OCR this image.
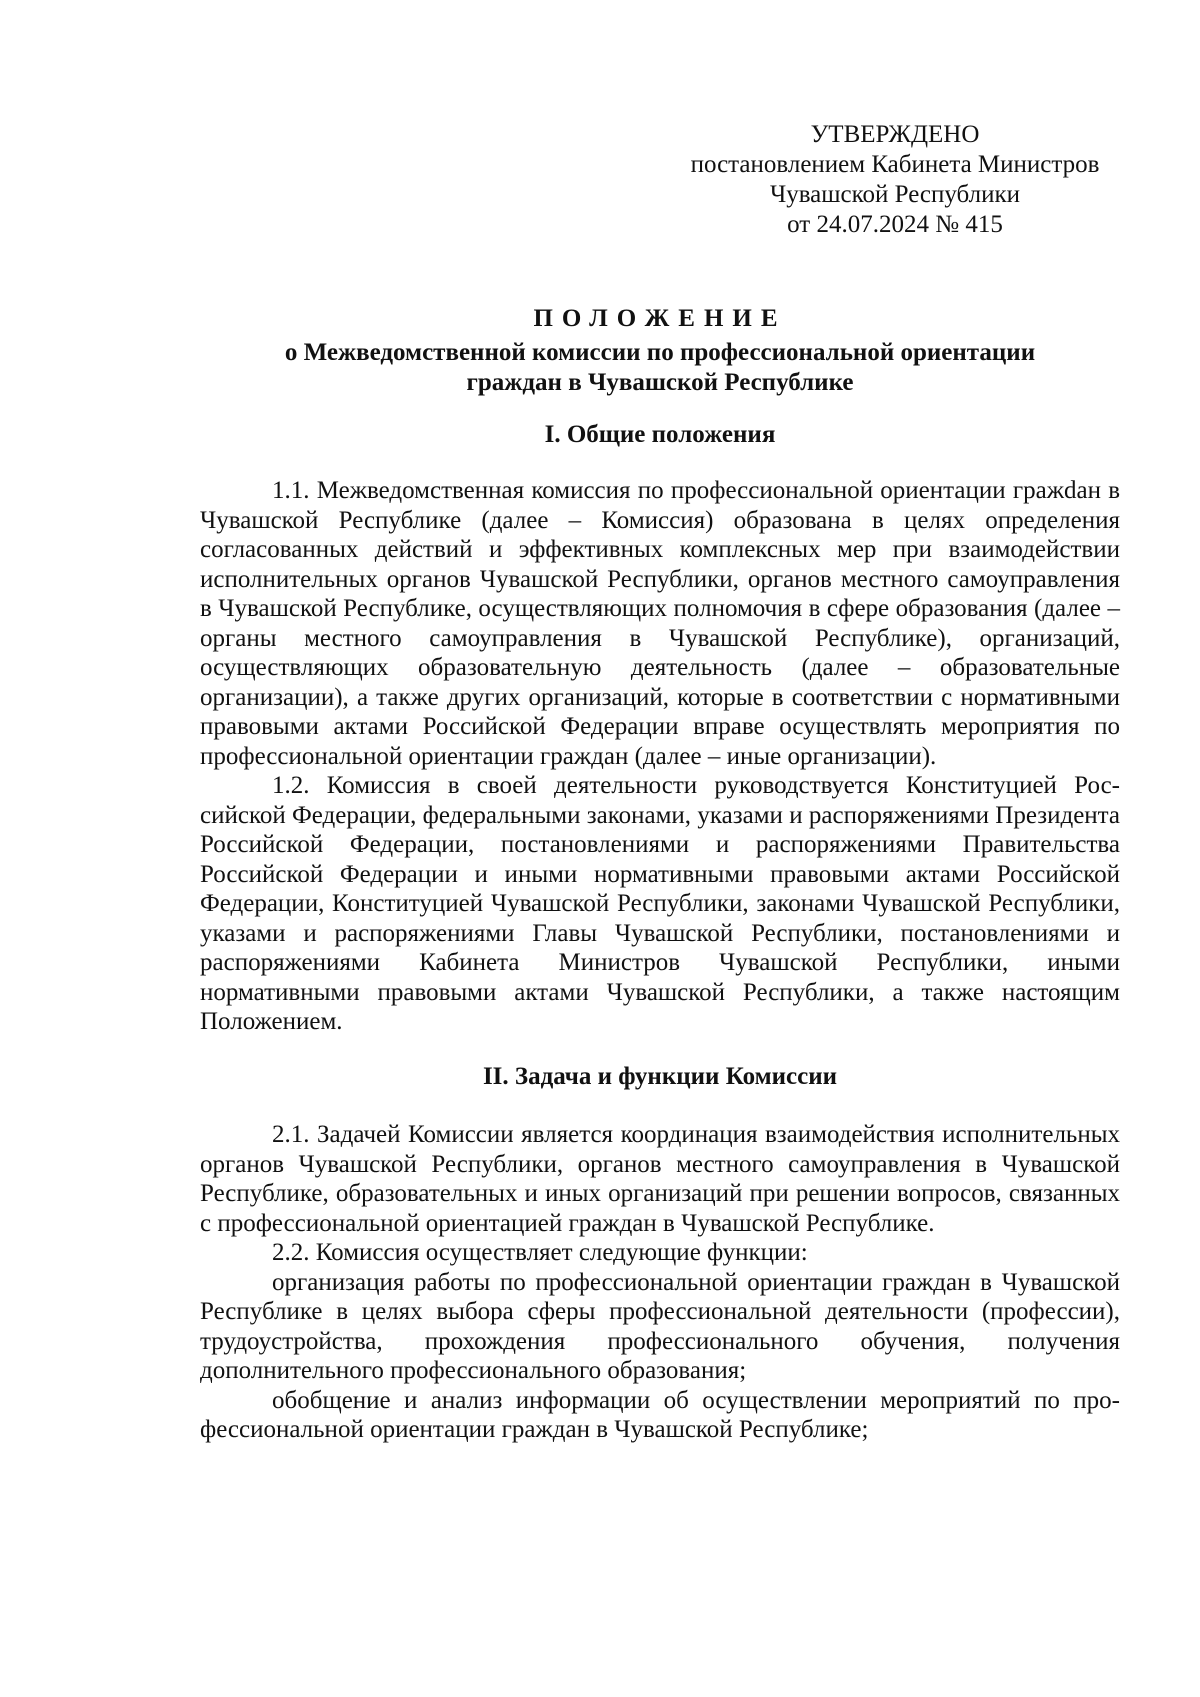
УТВЕРЖДЕНО
постановлением Кабинета Министров
Чувашской Республики
от 24.07.2024 № 415
ПОЛОЖЕНИЕ
о Межведомственной комиссии по профессиональной ориентации
граждан в Чувашской Республике
I. Общие положения

1.1. Межведомственная комиссия по профессиональной ориентации гражdан в Чувашской Республике (далее – Комиссия) образована в целях определения согласованных действий и эффективных комплексных мер при взаимодействии исполнительных органов Чувашской Республики, органов местного самоуправления в Чувашской Республике, осуществляющих полномочия в сфере образования (далее – органы местного самоуправления в Чувашской Республике), организаций, осуществляющих образовательную деятельность (далее – образовательные организации), а также других организаций, которые в соответствии с нормативными правовыми актами Российской Федерации вправе осуществлять мероприятия по профессиональной ориентации граждан (далее – иные организации).

1.2. Комиссия в своей деятельности руководствуется Конституцией Российской Федерации, федеральными законами, указами и распоряжениями Президента Российской Федерации, постановлениями и распоряжениями Правительства Российской Федерации и иными нормативными правовыми актами Российской Федерации, Конституцией Чувашской Республики, законами Чувашской Республики, указами и распоряжениями Главы Чувашской Республики, постановлениями и распоряжениями Кабинета Министров Чувашской Республики, иными нормативными правовыми актами Чувашской Республики, а также настоящим Положением.

II. Задача и функции Комиссии

2.1. Задачей Комиссии является координация взаимодействия исполнительных органов Чувашской Республики, органов местного самоуправления в Чувашской Республике, образовательных и иных организаций при решении вопросов, связанных с профессиональной ориентацией граждан в Чувашской Республике.

2.2. Комиссия осуществляет следующие функции:

организация работы по профессиональной ориентации граждан в Чувашской Республике в целях выбора сферы профессиональной деятельности (профессии), трудоустройства, прохождения профессионального обучения, получения дополнительного профессионального образования;

обобщение и анализ информации об осуществлении мероприятий по профессиональной ориентации граждан в Чувашской Республике;
